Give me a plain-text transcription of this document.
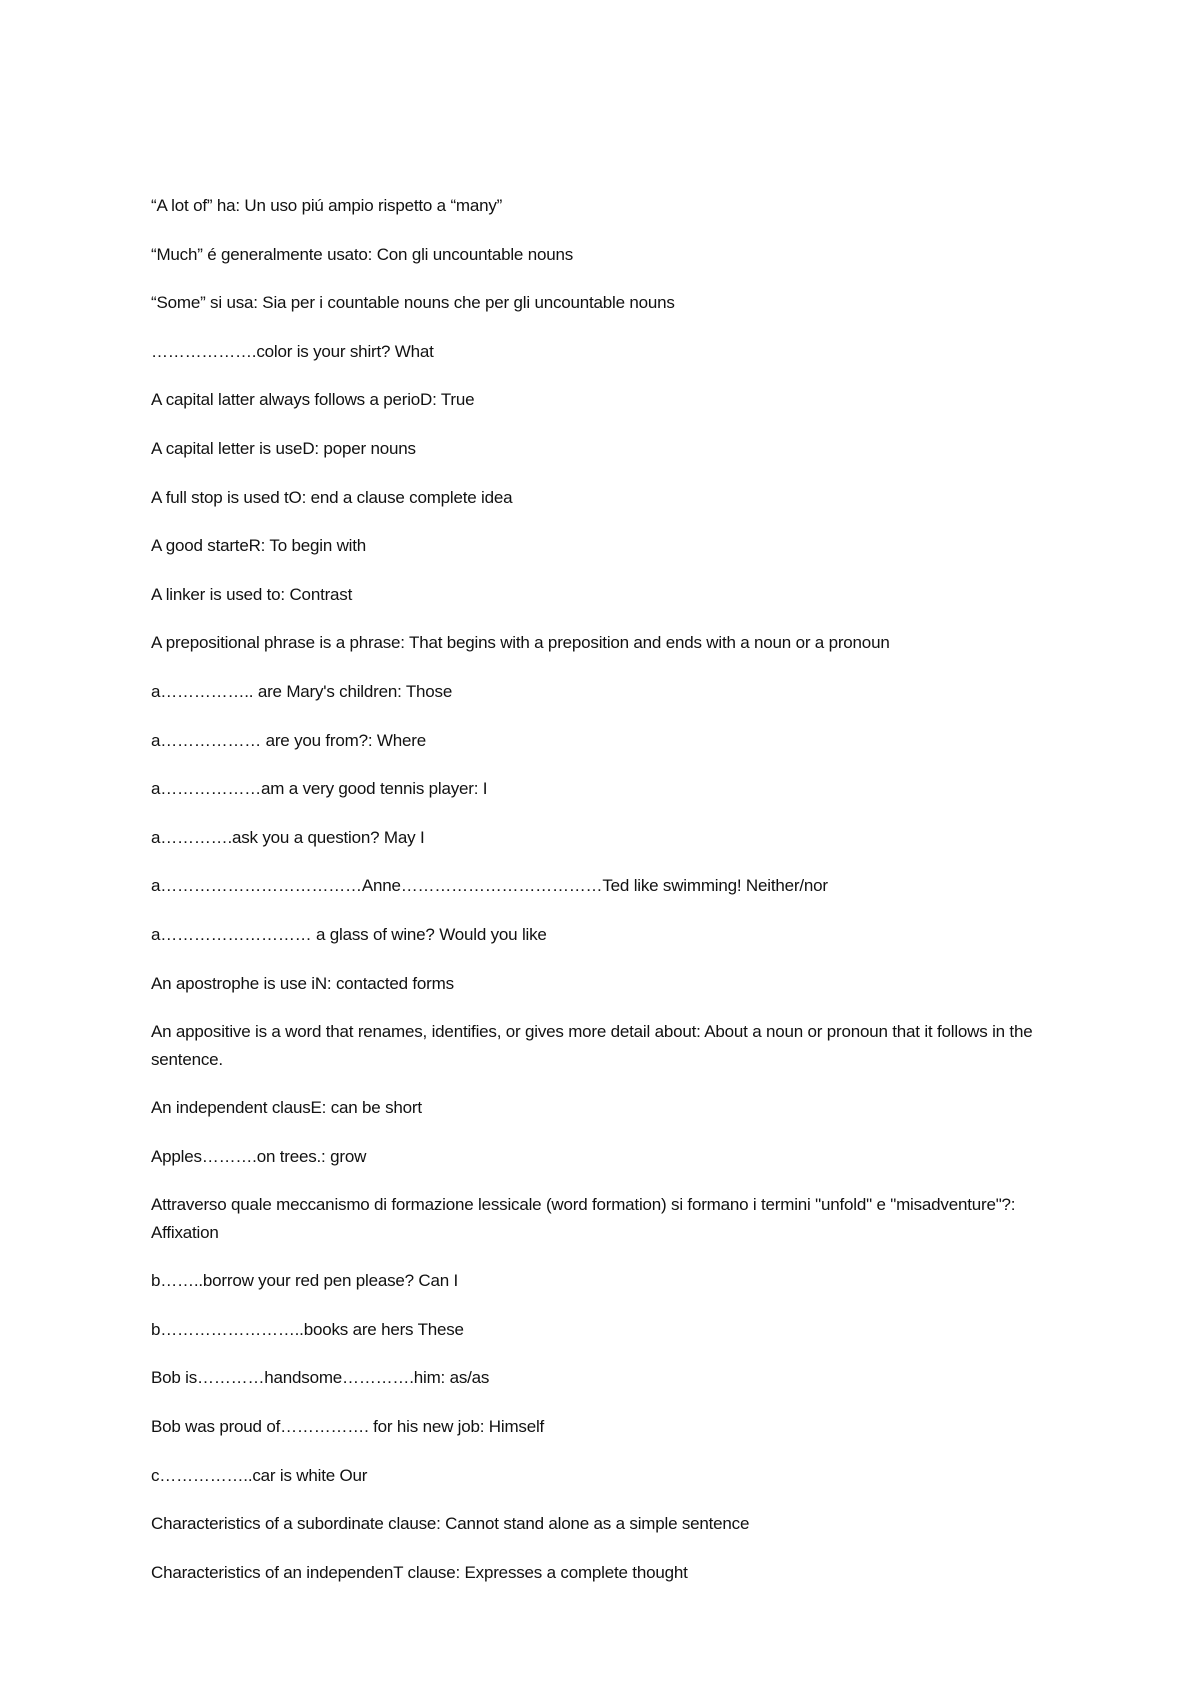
“A lot of” ha: Un uso piú ampio rispetto a “many”

“Much” é generalmente usato: Con gli uncountable nouns

“Some” si usa: Sia per i countable nouns che per gli uncountable nouns

……………….color is your shirt? What

A capital latter always follows a perioD: True

A capital letter is useD: poper nouns

A full stop is used tO: end a clause complete idea

A good starteR: To begin with

A linker is used to: Contrast

A prepositional phrase is a phrase: That begins with a preposition and ends with a noun or a pronoun

a…………….. are Mary's children: Those

a……………… are you from?: Where

a………………am a very good tennis player: I

a………….ask you a question? May I

a………………………………Anne………………………………Ted like swimming! Neither/nor

a……………………… a glass of wine? Would you like

An apostrophe is use iN: contacted forms

An appositive is a word that renames, identifies, or gives more detail about: About a noun or pronoun that it follows in the sentence.

An independent clausE: can be short

Apples……….on trees.: grow

Attraverso quale meccanismo di formazione lessicale (word formation) si formano i termini "unfold" e "misadventure"?: Affixation

b……..borrow your red pen please? Can I

b……………………..books are hers These

Bob is…………handsome………….him: as/as

Bob was proud of……………. for his new job: Himself

c……………..car is white Our

Characteristics of a subordinate clause: Cannot stand alone as a simple sentence

Characteristics of an independenT clause: Expresses a complete thought
